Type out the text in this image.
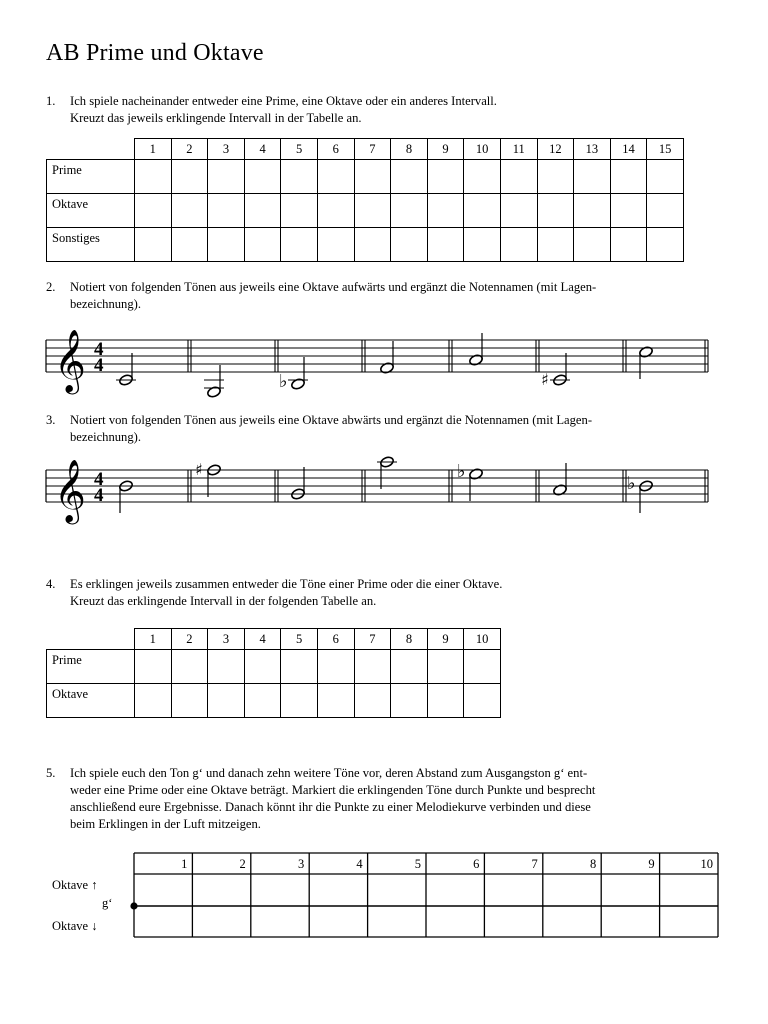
AB Prime und Oktave
1. Ich spiele nacheinander entweder eine Prime, eine Oktave oder ein anderes Intervall.
Kreuzt das jeweils erklingende Intervall in der Tabelle an.
	1	2	3	4	5	6	7	8	9	10	11	12	13	14	15
Prime															
Oktave															
Sonstiges															
2. Notiert von folgenden Tönen aus jeweils eine Oktave aufwärts und ergänzt die Notennamen (mit Lagen-
bezeichnung).
𝄞 4
4
♭	♯
3. Notiert von folgenden Tönen aus jeweils eine Oktave abwärts und ergänzt die Notennamen (mit Lagen-
bezeichnung).
𝄞 4
4
♯	♭
♭
4. Es erklingen jeweils zusammen entweder die Töne einer Prime oder die einer Oktave.
Kreuzt das erklingende Intervall in der folgenden Tabelle an.
	1	2	3	4	5	6	7	8	9	10
Prime										
Oktave										
5. Ich spiele euch den Ton g‘ und danach zehn weitere Töne vor, deren Abstand zum Ausgangston g‘ ent-
weder eine Prime oder eine Oktave beträgt. Markiert die erklingenden Töne durch Punkte und besprecht
anschließend eure Ergebnisse. Danach könnt ihr die Punkte zu einer Melodiekurve verbinden und diese
beim Erklingen in der Luft mitzeigen.
Oktave ↑
g‘
Oktave ↓
1	2	3	4	5	6	7	8	9	10
